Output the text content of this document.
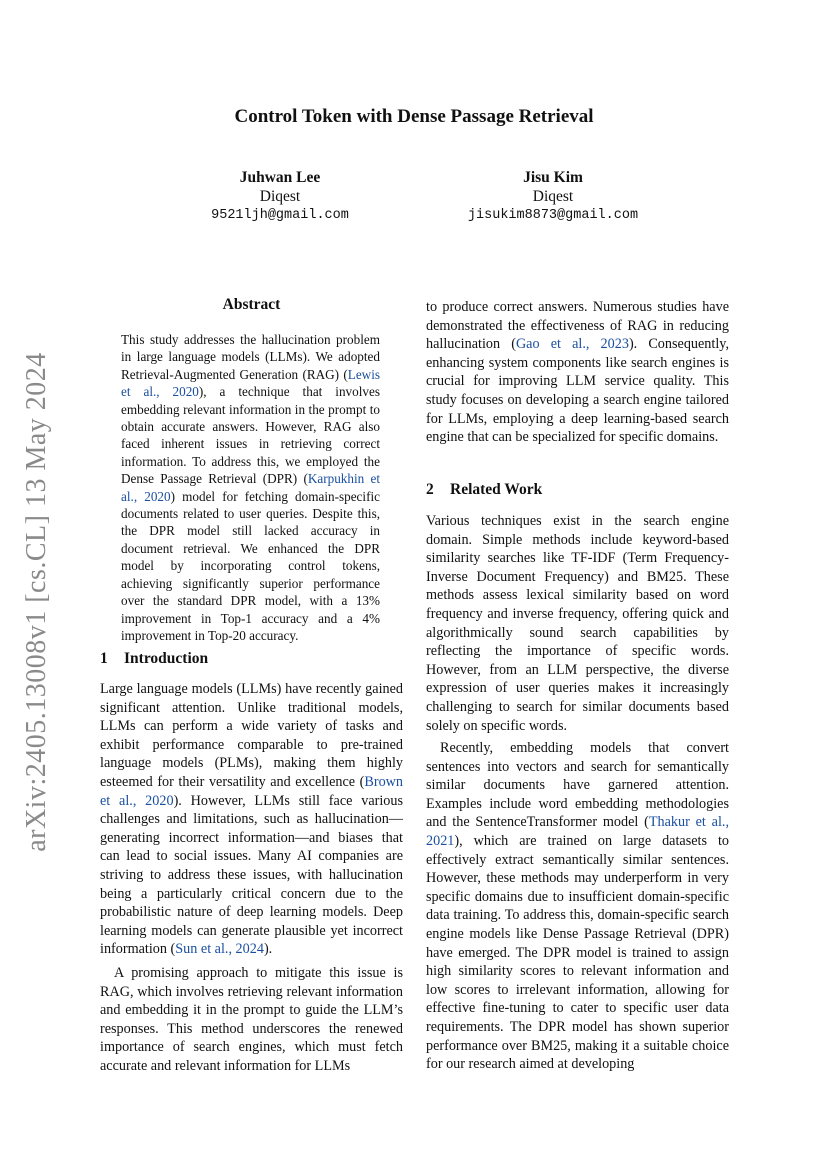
arXiv:2405.13008v1 [cs.CL] 13 May 2024
Control Token with Dense Passage Retrieval
Juhwan Lee
Diqest
9521ljh@gmail.com
Jisu Kim
Diqest
jisukim8873@gmail.com
Abstract

This study addresses the hallucination problem in large language models (LLMs). We adopted Retrieval-Augmented Generation (RAG) (Lewis et al., 2020), a technique that involves embedding relevant information in the prompt to obtain accurate answers. However, RAG also faced inherent issues in retrieving correct information. To address this, we employed the Dense Passage Retrieval (DPR) (Karpukhin et al., 2020) model for fetching domain-specific documents related to user queries. Despite this, the DPR model still lacked accuracy in document retrieval. We enhanced the DPR model by incorporating control tokens, achieving significantly superior performance over the standard DPR model, with a 13% improvement in Top-1 accuracy and a 4% improvement in Top-20 accuracy.

1 Introduction

Large language models (LLMs) have recently gained significant attention. Unlike traditional models, LLMs can perform a wide variety of tasks and exhibit performance comparable to pre-trained language models (PLMs), making them highly esteemed for their versatility and excellence (Brown et al., 2020). However, LLMs still face various challenges and limitations, such as hallucination—generating incorrect information—and biases that can lead to social issues. Many AI companies are striving to address these issues, with hallucination being a particularly critical concern due to the probabilistic nature of deep learning models. Deep learning models can generate plausible yet incorrect information (Sun et al., 2024).

A promising approach to mitigate this issue is RAG, which involves retrieving relevant information and embedding it in the prompt to guide the LLM’s responses. This method underscores the renewed importance of search engines, which must fetch accurate and relevant information for LLMs

to produce correct answers. Numerous studies have demonstrated the effectiveness of RAG in reducing hallucination (Gao et al., 2023). Consequently, enhancing system components like search engines is crucial for improving LLM service quality. This study focuses on developing a search engine tailored for LLMs, employing a deep learning-based search engine that can be specialized for specific domains.

2 Related Work

Various techniques exist in the search engine domain. Simple methods include keyword-based similarity searches like TF-IDF (Term Frequency-Inverse Document Frequency) and BM25. These methods assess lexical similarity based on word frequency and inverse frequency, offering quick and algorithmically sound search capabilities by reflecting the importance of specific words. However, from an LLM perspective, the diverse expression of user queries makes it increasingly challenging to search for similar documents based solely on specific words.

Recently, embedding models that convert sentences into vectors and search for semantically similar documents have garnered attention. Examples include word embedding methodologies and the SentenceTransformer model (Thakur et al., 2021), which are trained on large datasets to effectively extract semantically similar sentences. However, these methods may underperform in very specific domains due to insufficient domain-specific data training. To address this, domain-specific search engine models like Dense Passage Retrieval (DPR) have emerged. The DPR model is trained to assign high similarity scores to relevant information and low scores to irrelevant information, allowing for effective fine-tuning to cater to specific user data requirements. The DPR model has shown superior performance over BM25, making it a suitable choice for our research aimed at developing
